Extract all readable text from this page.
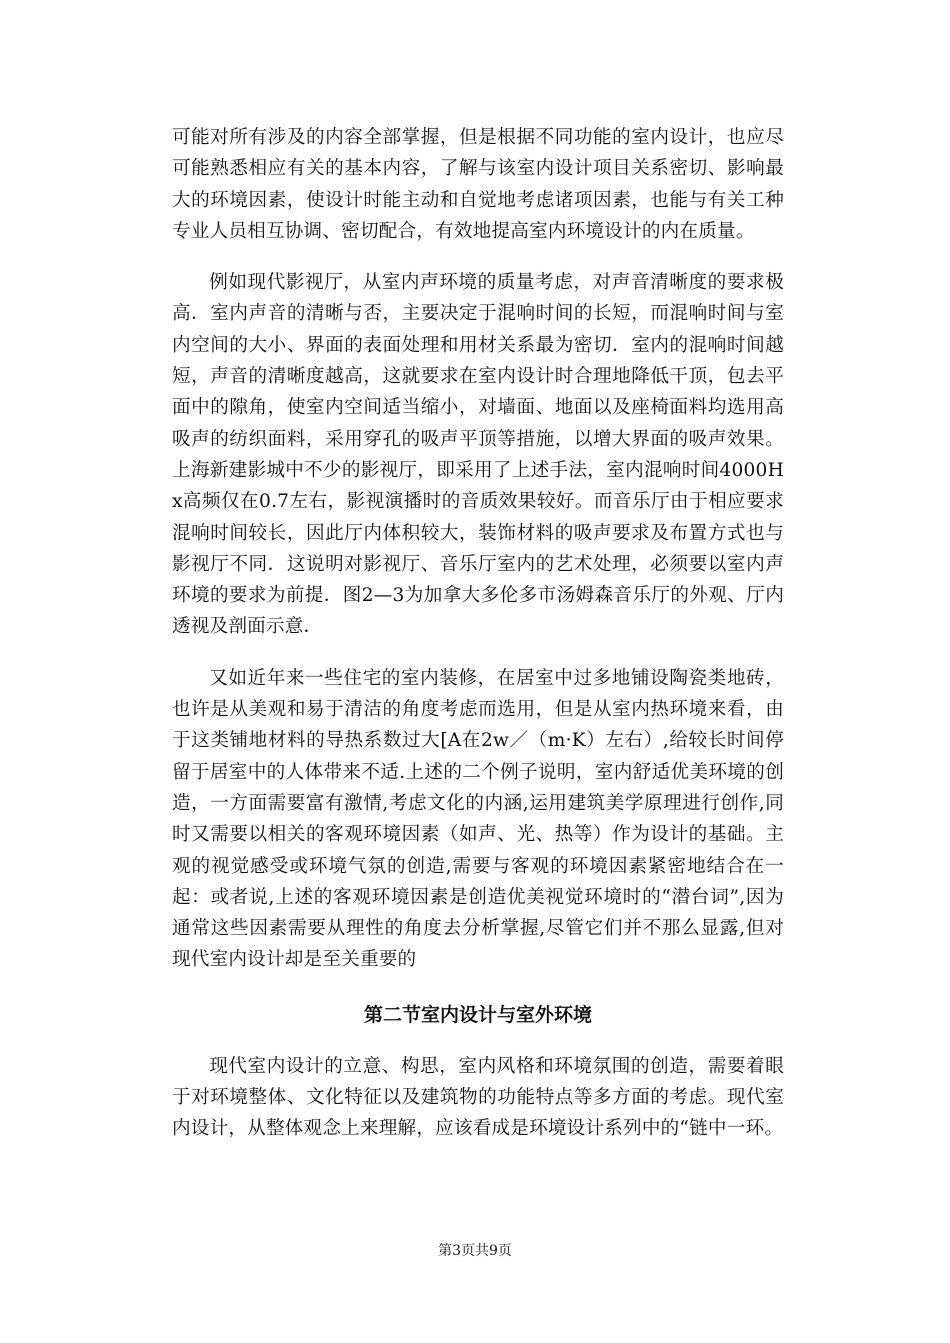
可能对所有涉及的内容全部掌握，但是根据不同功能的室内设计，也应尽可能熟悉相应有关的基本内容，了解与该室内设计项目关系密切、影响最大的环境因素，使设计时能主动和自觉地考虑诸项因素，也能与有关工种专业人员相互协调、密切配合，有效地提高室内环境设计的内在质量。

例如现代影视厅，从室内声环境的质量考虑，对声音清晰度的要求极高．室内声音的清晰与否，主要决定于混响时间的长短，而混响时间与室内空间的大小、界面的表面处理和用材关系最为密切．室内的混响时间越短，声音的清晰度越高，这就要求在室内设计时合理地降低干顶，包去平面中的隙角，使室内空间适当缩小，对墙面、地面以及座椅面料均选用高吸声的纺织面料，采用穿孔的吸声平顶等措施，以增大界面的吸声效果。上海新建影城中不少的影视厅，即采用了上述手法，室内混响时间4000Hx高频仅在0.7左右，影视演播时的音质效果较好。而音乐厅由于相应要求混响时间较长，因此厅内体积较大，装饰材料的吸声要求及布置方式也与影视厅不同．这说明对影视厅、音乐厅室内的艺术处理，必须要以室内声环境的要求为前提．图2—3为加拿大多伦多市汤姆森音乐厅的外观、厅内透视及剖面示意．

又如近年来一些住宅的室内装修，在居室中过多地铺设陶瓷类地砖，也许是从美观和易于清洁的角度考虑而选用，但是从室内热环境来看，由于这类铺地材料的导热系数过大[A在2w／（m·K）左右）,给较长时间停留于居室中的人体带来不适.上述的二个例子说明，室内舒适优美环境的创造，一方面需要富有激情,考虑文化的内涵,运用建筑美学原理进行创作,同时又需要以相关的客观环境因素（如声、光、热等）作为设计的基础。主观的视觉感受或环境气氛的创造,需要与客观的环境因素紧密地结合在一起：或者说,上述的客观环境因素是创造优美视觉环境时的“潜台词”,因为通常这些因素需要从理性的角度去分析掌握,尽管它们并不那么显露,但对现代室内设计却是至关重要的

第二节室内设计与室外环境

现代室内设计的立意、构思，室内风格和环境氛围的创造，需要着眼于对环境整体、文化特征以及建筑物的功能特点等多方面的考虑。现代室内设计，从整体观念上来理解，应该看成是环境设计系列中的“链中一环。

第3页共9页
